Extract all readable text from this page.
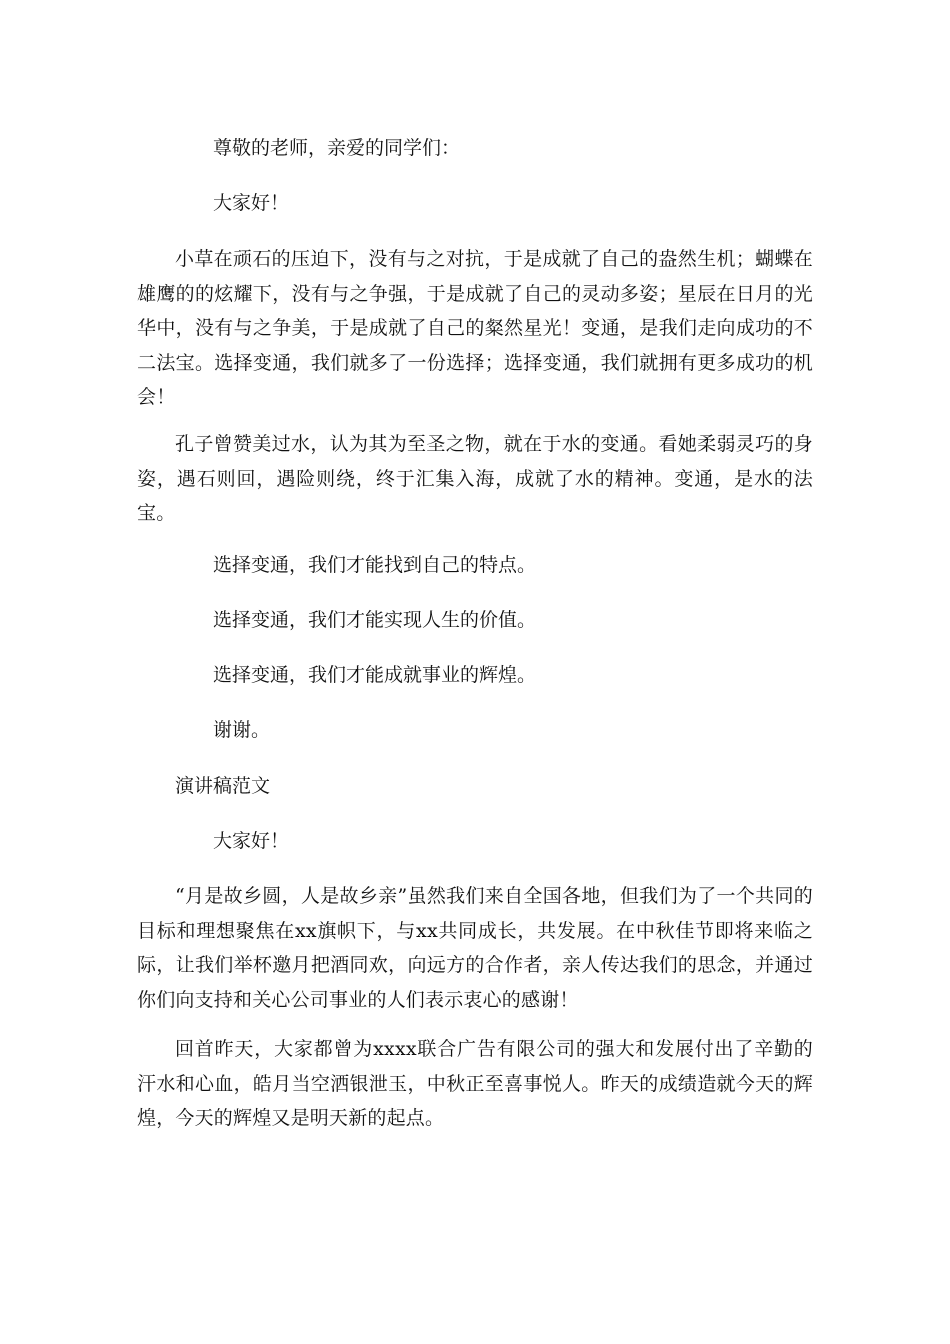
尊敬的老师，亲爱的同学们：

大家好！

小草在顽石的压迫下，没有与之对抗，于是成就了自己的盎然生机；蝴蝶在雄鹰的的炫耀下，没有与之争强，于是成就了自己的灵动多姿；星辰在日月的光华中，没有与之争美，于是成就了自己的粲然星光！变通，是我们走向成功的不二法宝。选择变通，我们就多了一份选择；选择变通，我们就拥有更多成功的机会！

孔子曾赞美过水，认为其为至圣之物，就在于水的变通。看她柔弱灵巧的身姿，遇石则回，遇险则绕，终于汇集入海，成就了水的精神。变通，是水的法宝。

选择变通，我们才能找到自己的特点。

选择变通，我们才能实现人生的价值。

选择变通，我们才能成就事业的辉煌。

谢谢。

演讲稿范文

大家好！

“月是故乡圆，人是故乡亲”虽然我们来自全国各地，但我们为了一个共同的目标和理想聚焦在xx旗帜下，与xx共同成长，共发展。在中秋佳节即将来临之际，让我们举杯邀月把酒同欢，向远方的合作者，亲人传达我们的思念，并通过你们向支持和关心公司事业的人们表示衷心的感谢！

回首昨天，大家都曾为xxxx联合广告有限公司的强大和发展付出了辛勤的汗水和心血，皓月当空洒银泄玉，中秋正至喜事悦人。昨天的成绩造就今天的辉煌，今天的辉煌又是明天新的起点。
